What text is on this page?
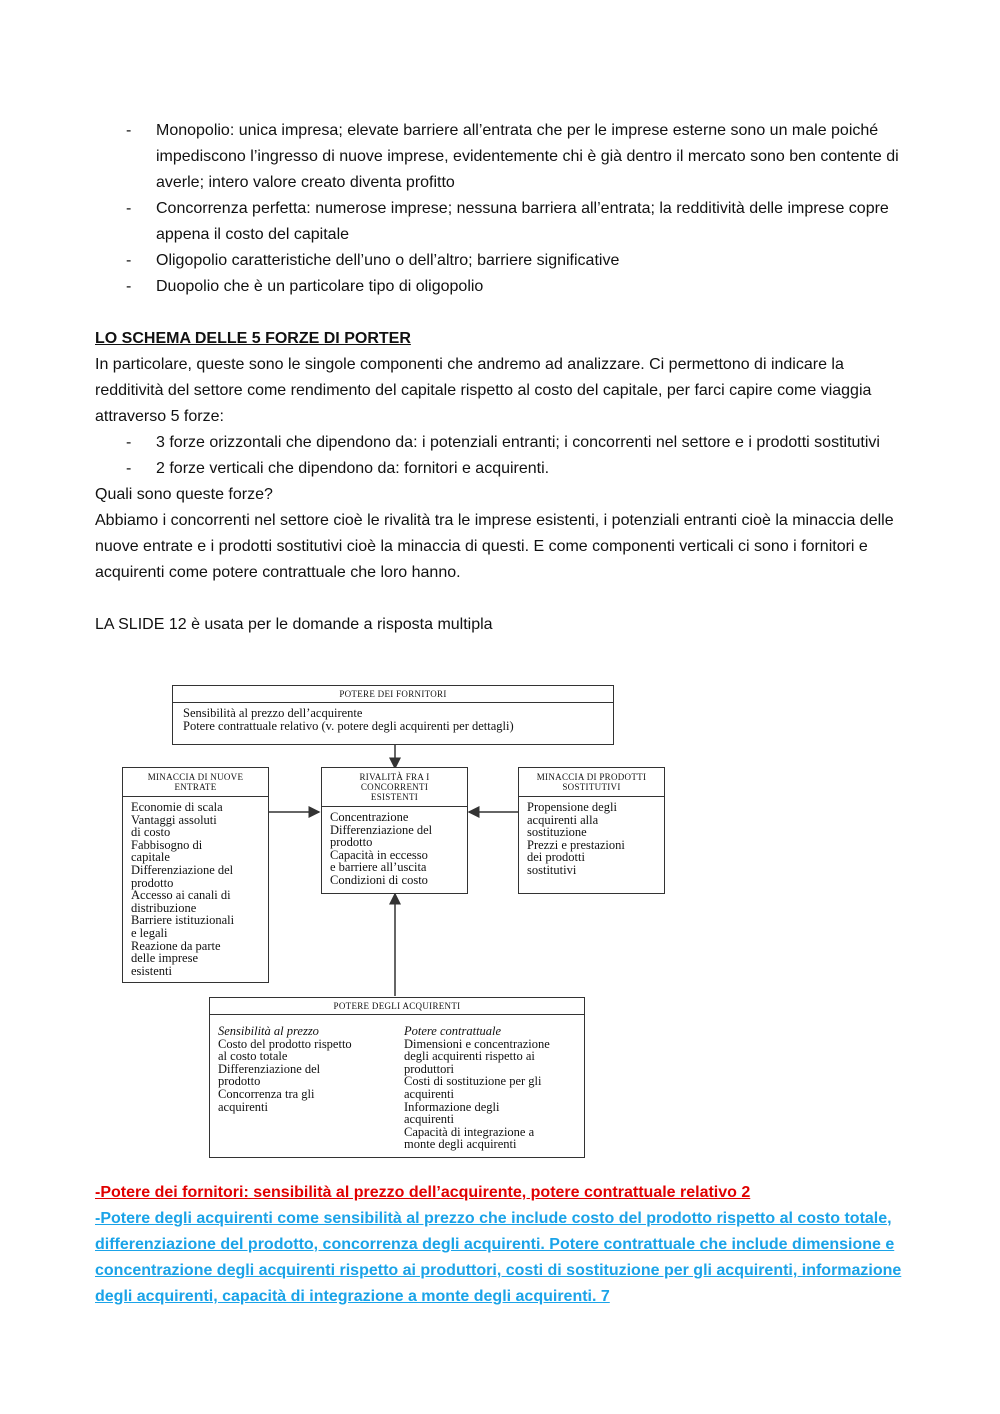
- Monopolio: unica impresa; elevate barriere all’entrata che per le imprese esterne sono un male poiché impediscono l’ingresso di nuove imprese, evidentemente chi è già dentro il mercato sono ben contente di averle; intero valore creato diventa profitto
- Concorrenza perfetta: numerose imprese; nessuna barriera all’entrata; la redditività delle imprese copre appena il costo del capitale
- Oligopolio caratteristiche dell’uno o dell’altro; barriere significative
- Duopolio che è un particolare tipo di oligopolio

LO SCHEMA DELLE 5 FORZE DI PORTER

In particolare, queste sono le singole componenti che andremo ad analizzare. Ci permettono di indicare la redditività del settore come rendimento del capitale rispetto al costo del capitale, per farci capire come viaggia attraverso 5 forze:

- 3 forze orizzontali che dipendono da: i potenziali entranti; i concorrenti nel settore e i prodotti sostitutivi
- 2 forze verticali che dipendono da: fornitori e acquirenti.

Quali sono queste forze?

Abbiamo i concorrenti nel settore cioè le rivalità tra le imprese esistenti, i potenziali entranti cioè la minaccia delle nuove entrate e i prodotti sostitutivi cioè la minaccia di questi. E come componenti verticali ci sono i fornitori e acquirenti come potere contrattuale che loro hanno.

LA SLIDE 12 è usata per le domande a risposta multipla

POTERE DEI FORNITORI
Sensibilità al prezzo dell’acquirente
Potere contrattuale relativo (v. potere degli acquirenti per dettagli)
MINACCIA DI NUOVE ENTRATE
Economie di scala
Vantaggi assoluti
di costo
Fabbisogno di
capitale
Differenziazione del
prodotto
Accesso ai canali di
distribuzione
Barriere istituzionali
e legali
Reazione da parte
delle imprese
esistenti
RIVALITÀ FRA I CONCORRENTI ESISTENTI
Concentrazione
Differenziazione del
prodotto
Capacità in eccesso
e barriere all’uscita
Condizioni di costo
MINACCIA DI PRODOTTI SOSTITUTIVI
Propensione degli
acquirenti alla
sostituzione
Prezzi e prestazioni
dei prodotti
sostitutivi
POTERE DEGLI ACQUIRENTI
Sensibilità al prezzo
Costo del prodotto rispetto
al costo totale
Differenziazione del
prodotto
Concorrenza tra gli
acquirenti
Potere contrattuale
Dimensioni e concentrazione
degli acquirenti rispetto ai
produttori
Costi di sostituzione per gli
acquirenti
Informazione degli
acquirenti
Capacità di integrazione a
monte degli acquirenti

-Potere dei fornitori: sensibilità al prezzo dell’acquirente, potere contrattuale relativo 2

-Potere degli acquirenti come sensibilità al prezzo che include costo del prodotto rispetto al costo totale, differenziazione del prodotto, concorrenza degli acquirenti. Potere contrattuale che include dimensione e concentrazione degli acquirenti rispetto ai produttori, costi di sostituzione per gli acquirenti, informazione degli acquirenti, capacità di integrazione a monte degli acquirenti. 7
